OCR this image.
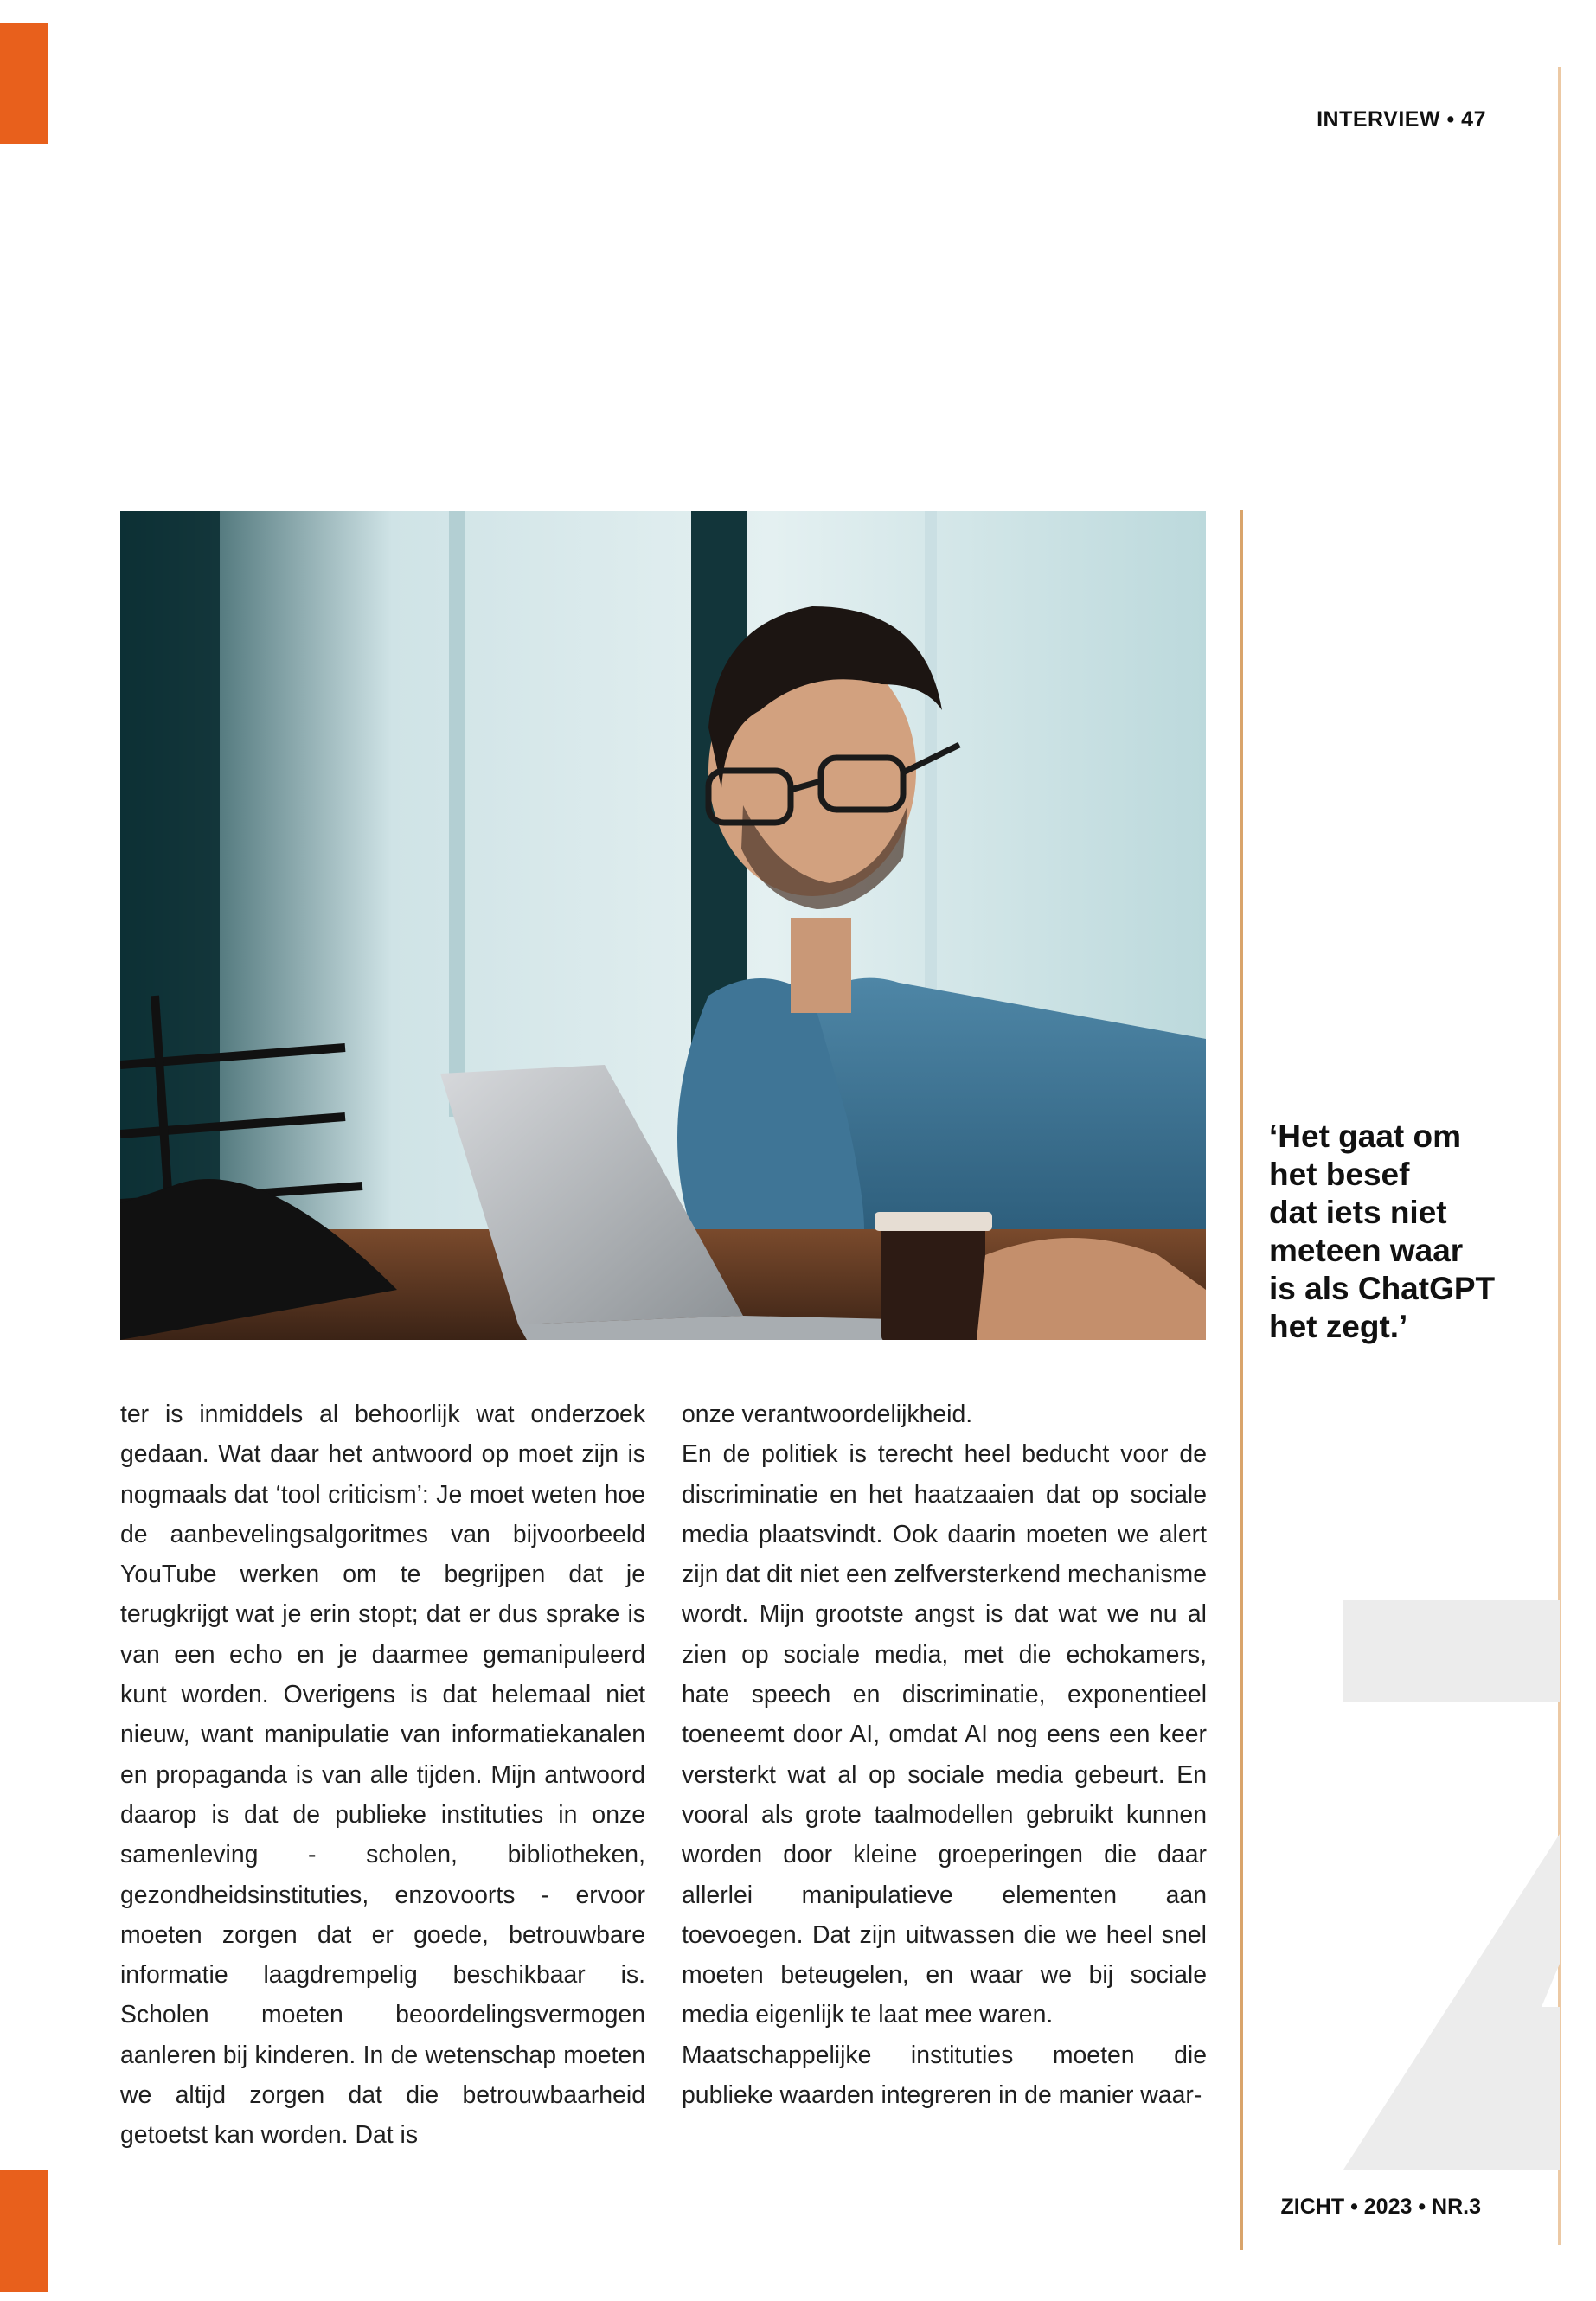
INTERVIEW • 47

‘Het gaat om
het besef
dat iets niet
meteen waar
is als ChatGPT
het zegt.’

ter is inmiddels al behoorlijk wat onderzoek gedaan. Wat daar het antwoord op moet zijn is nogmaals dat ‘tool criticism’: Je moet weten hoe de aanbevelingsalgoritmes van bijvoorbeeld YouTube werken om te begrijpen dat je terugkrijgt wat je erin stopt; dat er dus sprake is van een echo en je daarmee gemanipuleerd kunt worden. Overigens is dat helemaal niet nieuw, want manipulatie van informatiekanalen en propaganda is van alle tijden. Mijn antwoord daarop is dat de publieke instituties in onze samenleving - scholen, bibliotheken, gezondheidsinstituties, enzovoorts - ervoor moeten zorgen dat er goede, betrouwbare informatie laagdrempelig beschikbaar is. Scholen moeten beoordelingsvermogen aanleren bij kinderen. In de wetenschap moeten we altijd zorgen dat die betrouwbaarheid getoetst kan worden. Dat is

onze verantwoordelijkheid.

En de politiek is terecht heel beducht voor de discriminatie en het haatzaaien dat op sociale media plaatsvindt. Ook daarin moeten we alert zijn dat dit niet een zelfversterkend mechanisme wordt. Mijn grootste angst is dat wat we nu al zien op sociale media, met die echokamers, hate speech en discriminatie, exponentieel toeneemt door AI, omdat AI nog eens een keer versterkt wat al op sociale media gebeurt. En vooral als grote taalmodellen gebruikt kunnen worden door kleine groeperingen die daar allerlei manipulatieve elementen aan toevoegen. Dat zijn uitwassen die we heel snel moeten beteugelen, en waar we bij sociale media eigenlijk te laat mee waren.

Maatschappelijke instituties moeten die publieke waarden integreren in de manier waar-

ZICHT • 2023 • NR.3
